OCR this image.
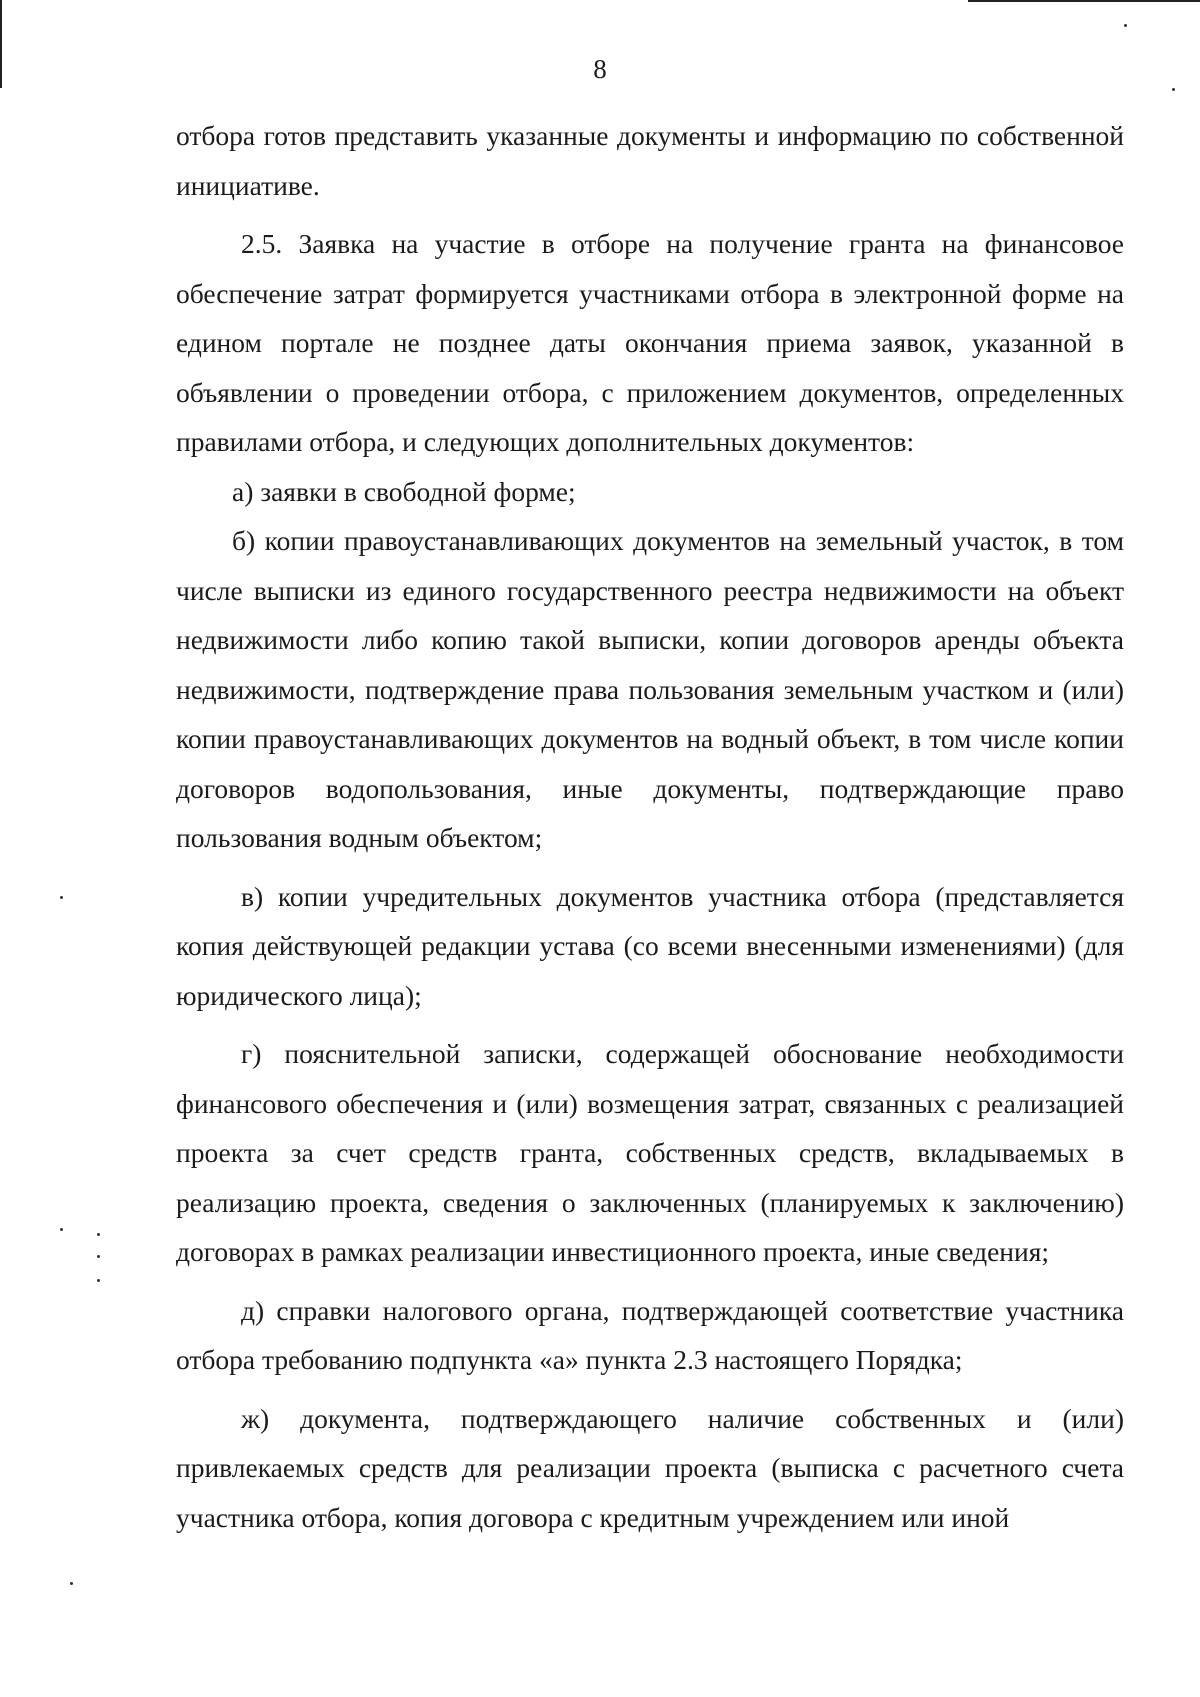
8

отбора готов представить указанные документы и информацию по собственной инициативе.

2.5. Заявка на участие в отборе на получение гранта на финансовое обеспечение затрат формируется участниками отбора в электронной форме на едином портале не позднее даты окончания приема заявок, указанной в объявлении о проведении отбора, с приложением документов, определенных правилами отбора, и следующих дополнительных документов:

а) заявки в свободной форме;

б) копии правоустанавливающих документов на земельный участок, в том числе выписки из единого государственного реестра недвижимости на объект недвижимости либо копию такой выписки, копии договоров аренды объекта недвижимости, подтверждение права пользования земельным участком и (или) копии правоустанавливающих документов на водный объект, в том числе копии договоров водопользования, иные документы, подтверждающие право пользования водным объектом;

в) копии учредительных документов участника отбора (представляется копия действующей редакции устава (со всеми внесенными изменениями) (для юридического лица);

г) пояснительной записки, содержащей обоснование необходимости финансового обеспечения и (или) возмещения затрат, связанных с реализацией проекта за счет средств гранта, собственных средств, вкладываемых в реализацию проекта, сведения о заключенных (планируемых к заключению) договорах в рамках реализации инвестиционного проекта, иные сведения;

д) справки налогового органа, подтверждающей соответствие участника отбора требованию подпункта «а» пункта 2.3 настоящего Порядка;

ж) документа, подтверждающего наличие собственных и (или) привлекаемых средств для реализации проекта (выписка с расчетного счета участника отбора, копия договора с кредитным учреждением или иной
